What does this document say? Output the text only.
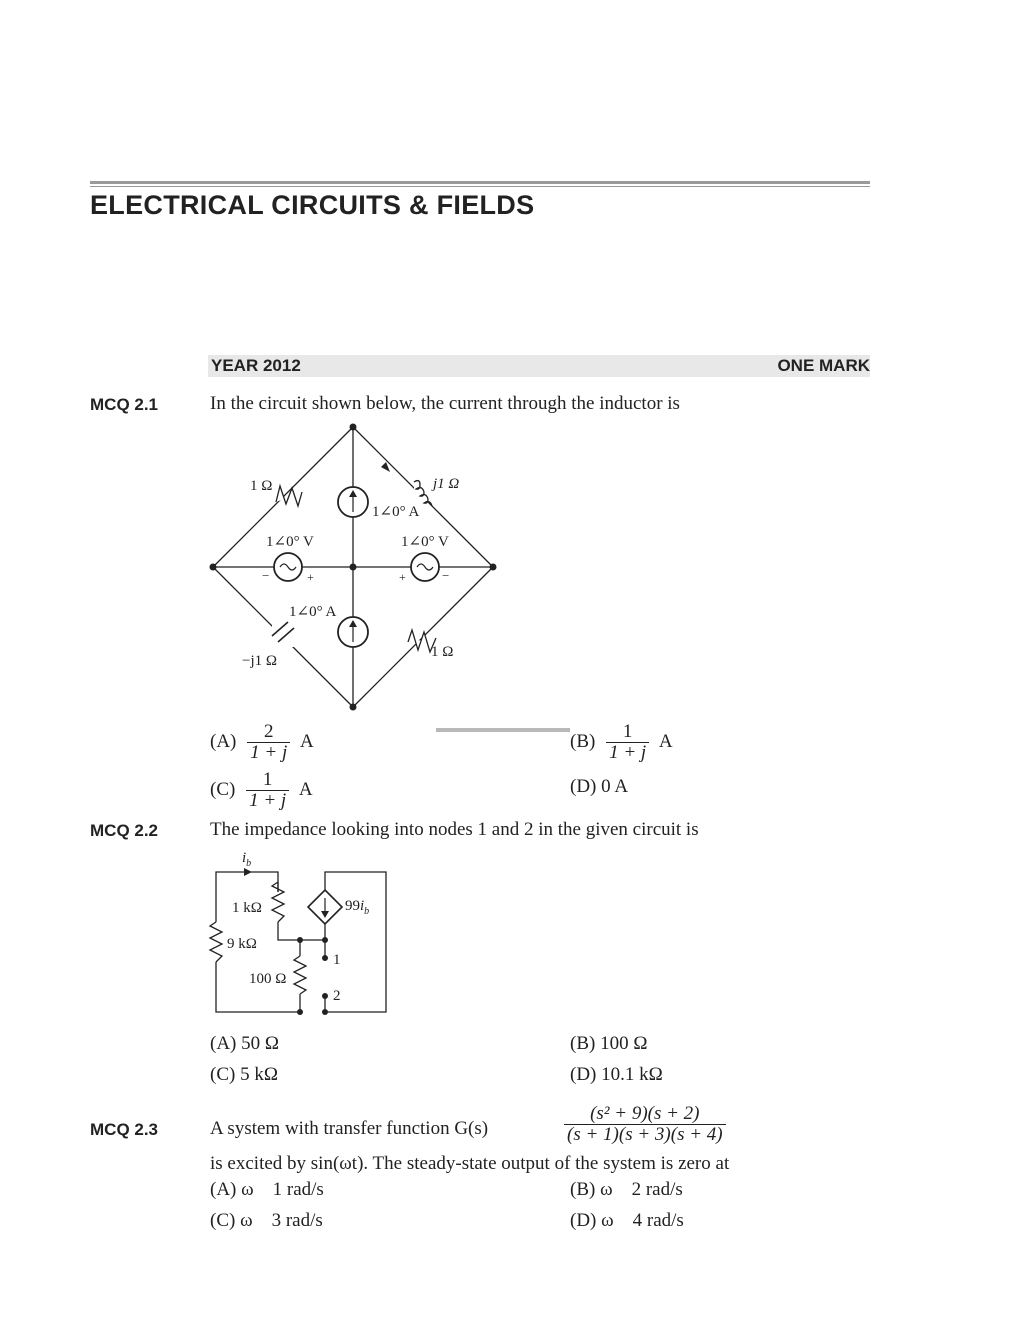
ELECTRICAL CIRCUITS & FIELDS
YEAR 2012	ONE MARK
MCQ 2.1	In the circuit shown below, the current through the inductor is
1 Ω	j1 Ω
1∠0° A
1∠0° V	1∠0° V
−	+	+	−
1∠0° A
−j1 Ω
1 Ω
$(A) \frac{2}{1 + j}$ A	$(B) \frac{1}{1 + j}$ A
$(C) \frac{1}{1 + j}$ A	(D) 0 A
MCQ 2.2	The impedance looking into nodes 1 and 2 in the given circuit is
$i_b$
1 kΩ
9 kΩ
100 Ω
$99i_b$
1
2
(A) 50 Ω	(B) 100 Ω
(C) 5 kΩ	(D) 10.1 kΩ
MCQ 2.3	A system with transfer function G(s)	$\frac{\text{(s² + 9)(s + 2)}}{(s + 1)(s + 3)(s + 4)}$
is excited by sin(ωt). The steady-state output of the system is zero at
(A) ω    1 rad/s	(B) ω    2 rad/s
(C) ω    3 rad/s	(D) ω    4 rad/s
